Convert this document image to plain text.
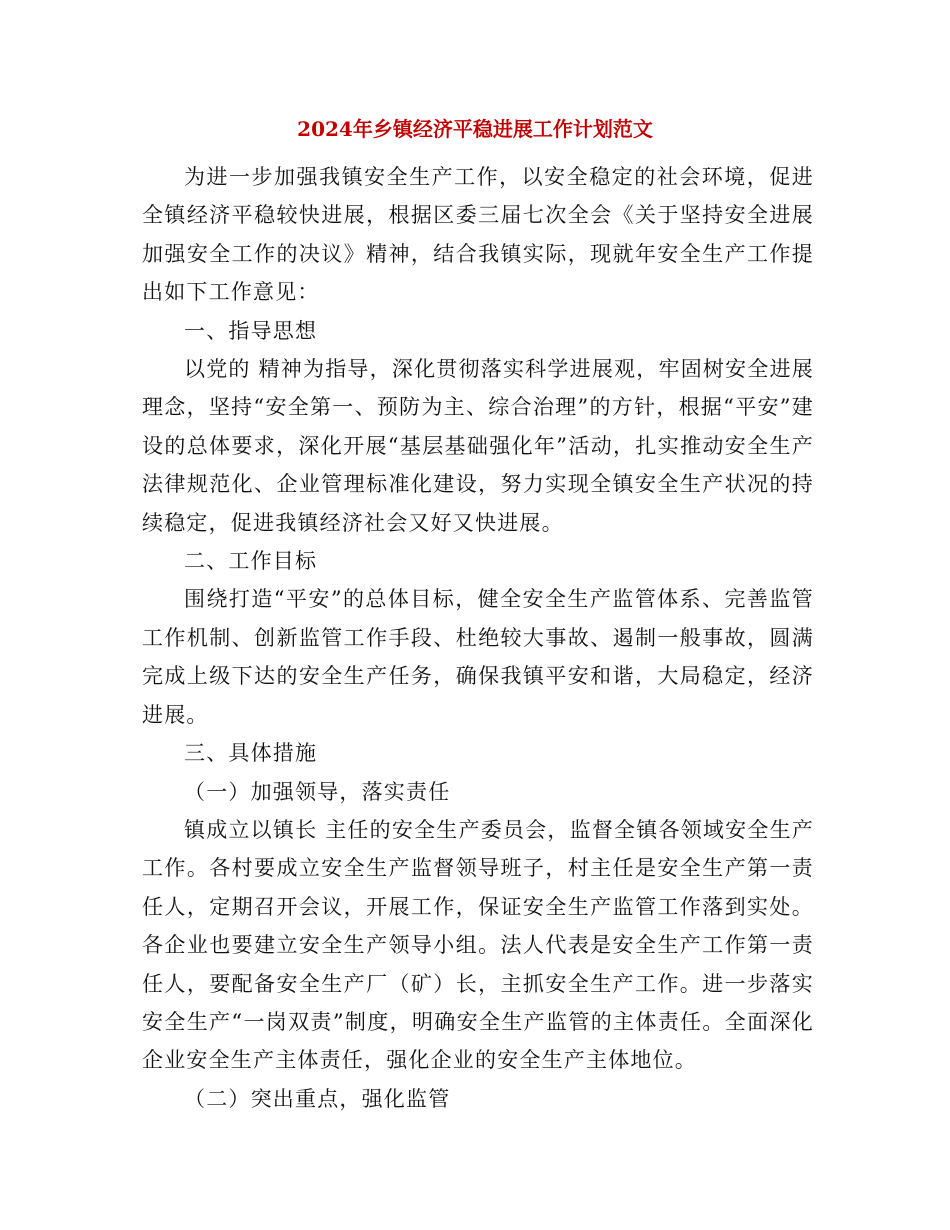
2024年乡镇经济平稳进展工作计划范文

为进一步加强我镇安全生产工作，以安全稳定的社会环境，促进全镇经济平稳较快进展，根据区委三届七次全会《关于坚持安全进展加强安全工作的决议》精神，结合我镇实际，现就年安全生产工作提出如下工作意见：

一、指导思想

以党的 精神为指导，深化贯彻落实科学进展观，牢固树安全进展理念，坚持“安全第一、预防为主、综合治理”的方针，根据“平安”建设的总体要求，深化开展“基层基础强化年”活动，扎实推动安全生产法律规范化、企业管理标准化建设，努力实现全镇安全生产状况的持续稳定，促进我镇经济社会又好又快进展。

二、工作目标

围绕打造“平安”的总体目标，健全安全生产监管体系、完善监管工作机制、创新监管工作手段、杜绝较大事故、遏制一般事故，圆满完成上级下达的安全生产任务，确保我镇平安和谐，大局稳定，经济进展。

三、具体措施

（一）加强领导，落实责任

镇成立以镇长 主任的安全生产委员会，监督全镇各领域安全生产工作。各村要成立安全生产监督领导班子，村主任是安全生产第一责任人，定期召开会议，开展工作，保证安全生产监管工作落到实处。各企业也要建立安全生产领导小组。法人代表是安全生产工作第一责任人，要配备安全生产厂（矿）长，主抓安全生产工作。进一步落实安全生产“一岗双责”制度，明确安全生产监管的主体责任。全面深化企业安全生产主体责任，强化企业的安全生产主体地位。

（二）突出重点，强化监管
